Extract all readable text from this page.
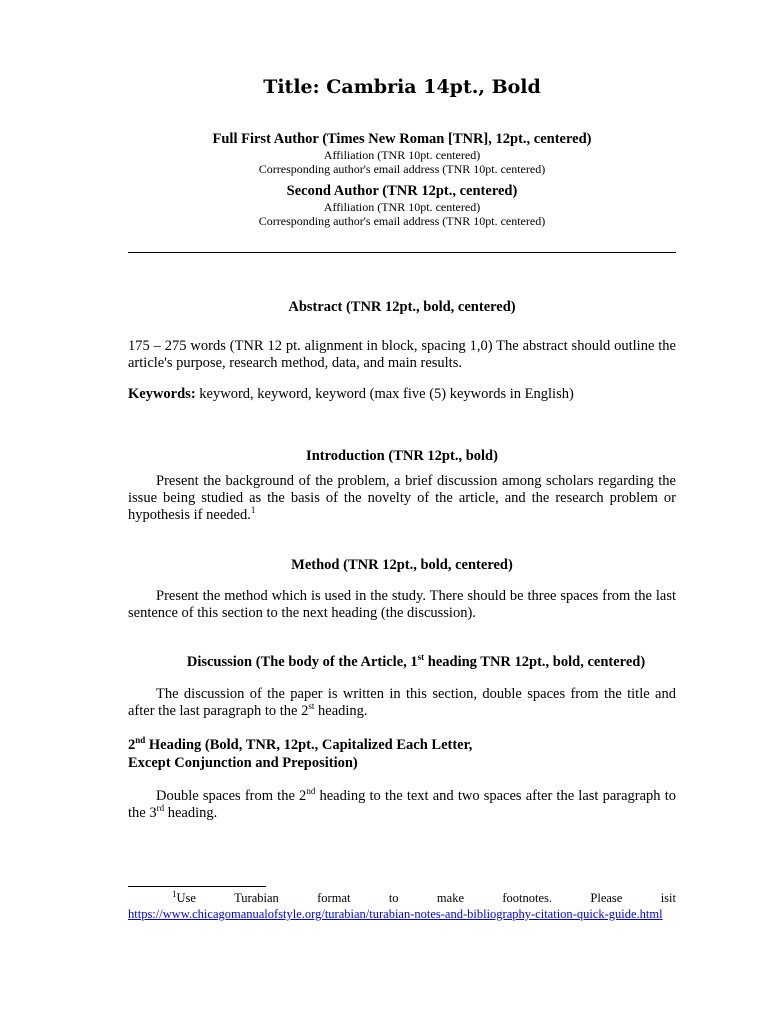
Title: Cambria 14pt., Bold
Full First Author (Times New Roman [TNR], 12pt., centered)
Affiliation (TNR 10pt. centered)
Corresponding author's email address (TNR 10pt. centered)
Second Author (TNR 12pt., centered)
Affiliation (TNR 10pt. centered)
Corresponding author's email address (TNR 10pt. centered)
Abstract (TNR 12pt., bold, centered)
175 – 275 words (TNR 12 pt. alignment in block, spacing 1,0) The abstract should outline the article's purpose, research method, data, and main results.
Keywords: keyword, keyword, keyword (max five (5) keywords in English)
Introduction (TNR 12pt., bold)
Present the background of the problem, a brief discussion among scholars regarding the issue being studied as the basis of the novelty of the article, and the research problem or hypothesis if needed.$^1$
Method (TNR 12pt., bold, centered)
Present the method which is used in the study. There should be three spaces from the last sentence of this section to the next heading (the discussion).
Discussion (The body of the Article, 1st heading TNR 12pt., bold, centered)
The discussion of the paper is written in this section, double spaces from the title and after the last paragraph to the 2st heading.
2nd Heading (Bold, TNR, 12pt., Capitalized Each Letter,
Except Conjunction and Preposition)
Double spaces from the 2nd heading to the text and two spaces after the last paragraph to the 3rd heading.
$^1$Use Turabian format to make footnotes. Please isit https://www.chicagomanualofstyle.org/turabian/turabian-notes-and-bibliography-citation-quick-guide.html
